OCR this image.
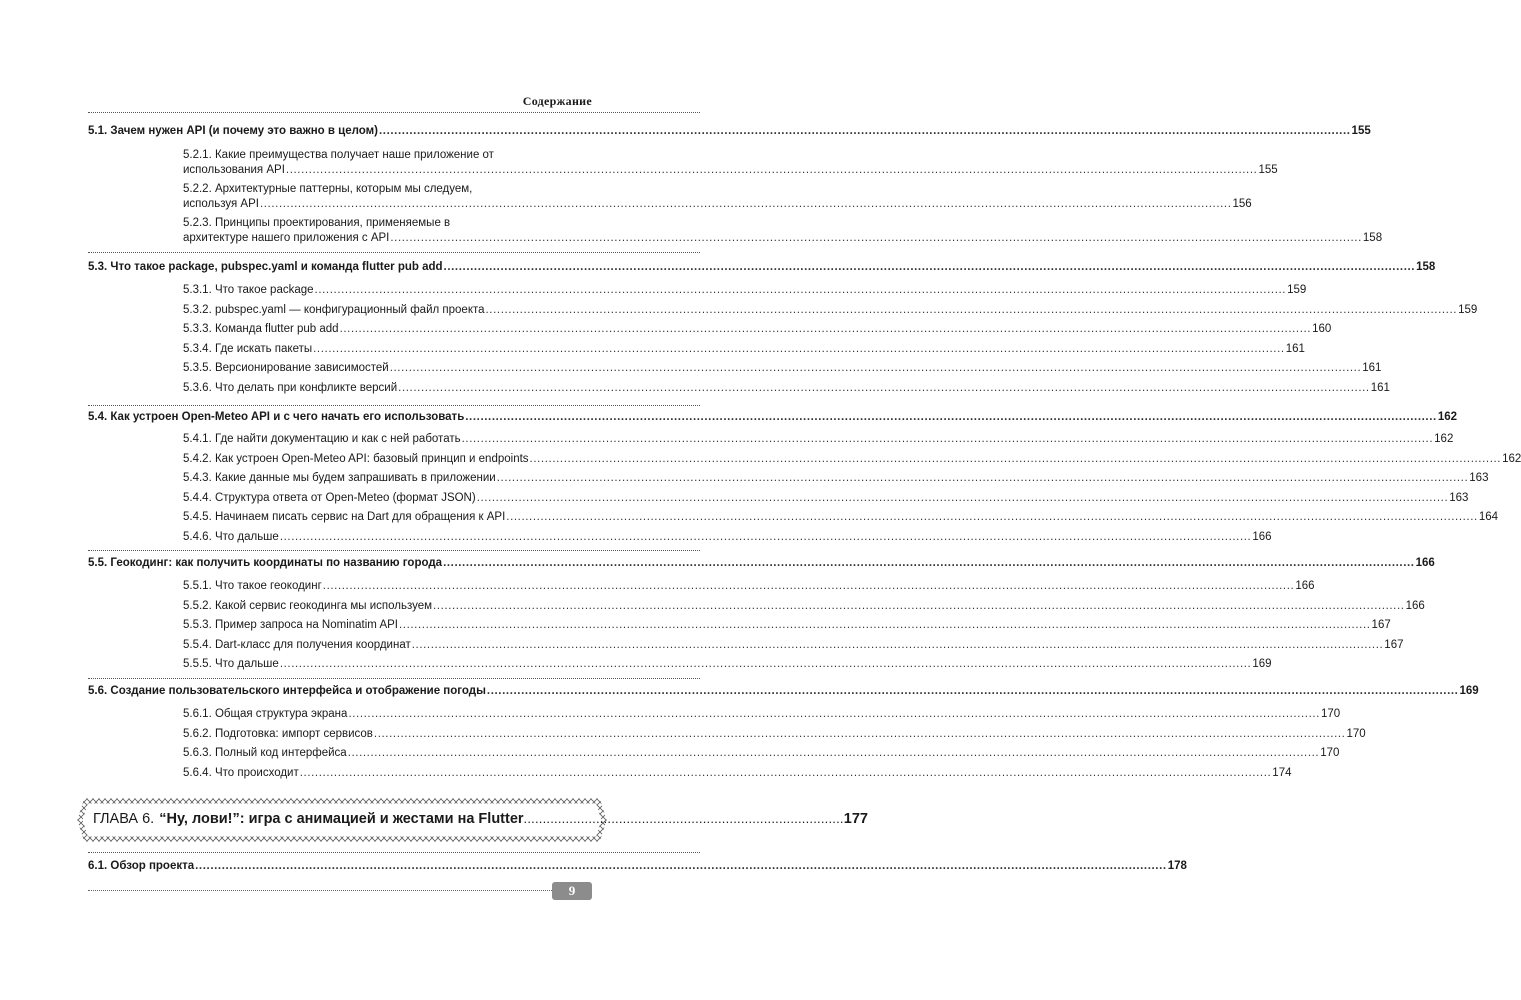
Содержание
5.1. Зачем нужен API (и почему это важно в целом) .....	155
5.2.1. Какие преимущества получает наше приложение от
использования API .....	155
5.2.2. Архитектурные паттерны, которым мы следуем,
используя API .....	156
5.2.3. Принципы проектирования, применяемые в
архитектуре нашего приложения с API .....	158
5.3. Что такое package, pubspec.yaml и команда flutter pub add .....	158
5.3.1. Что такое package .....	159
5.3.2. pubspec.yaml — конфигурационный файл проекта .....	159
5.3.3. Команда flutter pub add .....	160
5.3.4. Где искать пакеты .....	161
5.3.5. Версионирование зависимостей .....	161
5.3.6. Что делать при конфликте версий .....	161
5.4. Как устроен Open-Meteo API и с чего начать его использовать .....	162
5.4.1. Где найти документацию и как с ней работать .....	162
5.4.2. Как устроен Open-Meteo API: базовый принцип и endpoints .....	162
5.4.3. Какие данные мы будем запрашивать в приложении .....	163
5.4.4. Структура ответа от Open-Meteo (формат JSON) .....	163
5.4.5. Начинаем писать сервис на Dart для обращения к API .....	164
5.4.6. Что дальше .....	166
5.5. Геокодинг: как получить координаты по названию города .....	166
5.5.1. Что такое геокодинг .....	166
5.5.2. Какой сервис геокодинга мы используем .....	166
5.5.3. Пример запроса на Nominatim API .....	167
5.5.4. Dart-класс для получения координат .....	167
5.5.5. Что дальше .....	169
5.6. Создание пользовательского интерфейса и отображение погоды .....	169
5.6.1. Общая структура экрана .....	170
5.6.2. Подготовка: импорт сервисов .....	170
5.6.3. Полный код интерфейса .....	170
5.6.4. Что происходит .....	174
ГЛАВА 6. “Ну, лови!”: игра с анимацией и жестами на Flutter .....	177
6.1. Обзор проекта .....	178
9
